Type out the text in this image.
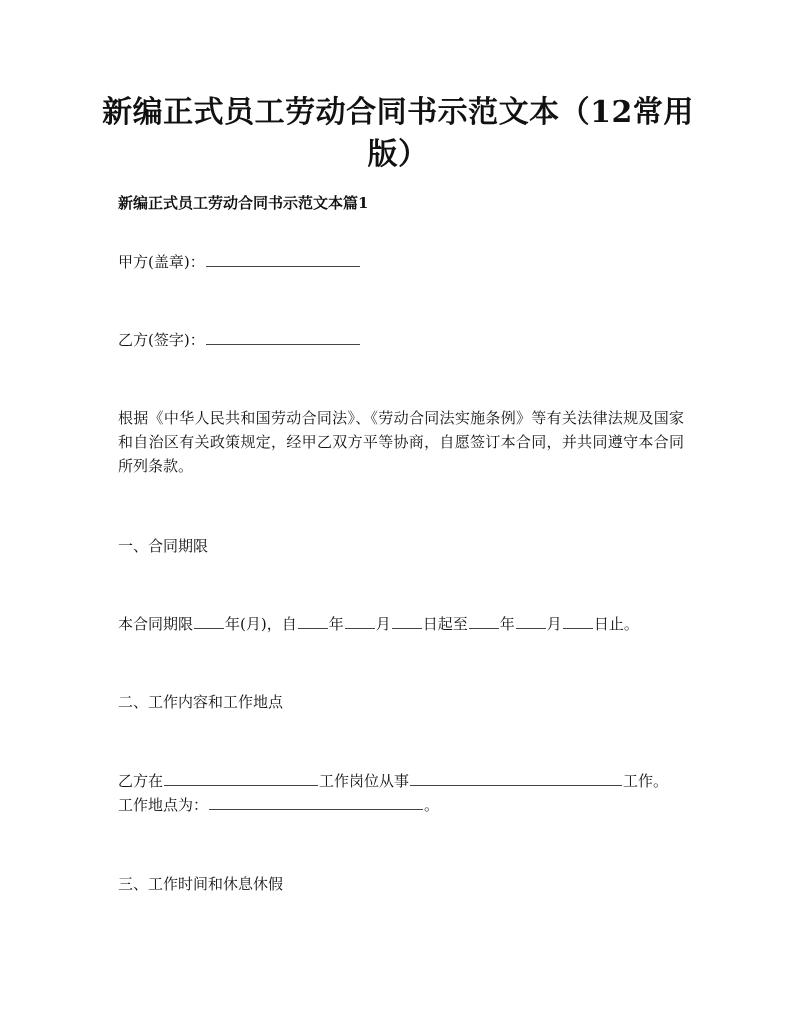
新编正式员工劳动合同书示范文本（12常用
版）
新编正式员工劳动合同书示范文本篇1
甲方(盖章)：
乙方(签字)：
根据《中华人民共和国劳动合同法》、《劳动合同法实施条例》等有关法律法规及国家和自治区有关政策规定，经甲乙双方平等协商，自愿签订本合同，并共同遵守本合同所列条款。
一、合同期限
本合同期限 年(月)，自 年 月 日起至 年 月 日止。
二、工作内容和工作地点
乙方在	工作岗位从事	工作。
工作地点为：	。
三、工作时间和休息休假
